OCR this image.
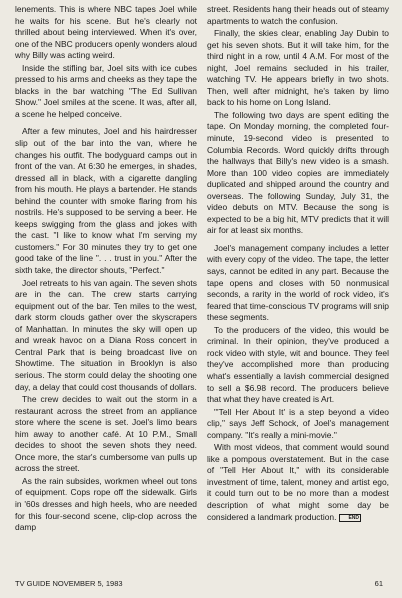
lenements. This is where NBC tapes Joel while he waits for his scene. But he's clearly not thrilled about being interviewed. When it's over, one of the NBC producers openly wonders aloud why Billy was acting weird.

Inside the stifling bar, Joel sits with ice cubes pressed to his arms and cheeks as they tape the blacks in the bar watching "The Ed Sullivan Show." Joel smiles at the scene. It was, after all, a scene he helped conceive.

After a few minutes, Joel and his hairdresser slip out of the bar into the van, where he changes his outfit. The bodyguard camps out in front of the van. At 6:30 he emerges, in shades, dressed all in black, with a cigarette dangling from his mouth. He plays a bartender. He stands behind the counter with smoke flaring from his nostrils. He's supposed to be serving a beer. He keeps swigging from the glass and jokes with the cast. "I like to know what I'm serving my customers." For 30 minutes they try to get one good take of the line ". . . trust in you." After the sixth take, the director shouts, "Perfect."

Joel retreats to his van again. The seven shots are in the can. The crew starts carrying equipment out of the bar. Ten miles to the west, dark storm clouds gather over the skyscrapers of Manhattan. In minutes the sky will open up and wreak havoc on a Diana Ross concert in Central Park that is being broadcast live on Showtime. The situation in Brooklyn is also serious. The storm could delay the shooting one day, a delay that could cost thousands of dollars.

The crew decides to wait out the storm in a restaurant across the street from an appliance store where the scene is set. Joel's limo bears him away to another café. At 10 P.M., Small decides to shoot the seven shots they need. Once more, the star's cumbersome van pulls up across the street.

As the rain subsides, workmen wheel out tons of equipment. Cops rope off the sidewalk. Girls in '60s dresses and high heels, who are needed for this four-second scene, clip-clop across the damp

street. Residents hang their heads out of steamy apartments to watch the confusion.

Finally, the skies clear, enabling Jay Dubin to get his seven shots. But it will take him, for the third night in a row, until 4 A.M. For most of the night, Joel remains secluded in his trailer, watching TV. He appears briefly in two shots. Then, well after midnight, he's taken by limo back to his home on Long Island.

The following two days are spent editing the tape. On Monday morning, the completed four-minute, 19-second video is presented to Columbia Records. Word quickly drifts through the hallways that Billy's new video is a smash. More than 100 video copies are immediately duplicated and shipped around the country and overseas. The following Sunday, July 31, the video debuts on MTV. Because the song is expected to be a big hit, MTV predicts that it will air for at least six months.

Joel's management company includes a letter with every copy of the video. The tape, the letter says, cannot be edited in any part. Because the tape opens and closes with 50 nonmusical seconds, a rarity in the world of rock video, it's feared that time-conscious TV programs will snip these segments.

To the producers of the video, this would be criminal. In their opinion, they've produced a rock video with style, wit and bounce. They feel they've accomplished more than producing what's essentially a lavish commercial designed to sell a $6.98 record. The producers believe that what they have created is Art.

"'Tell Her About It' is a step beyond a video clip," says Jeff Schock, of Joel's management company. "It's really a mini-movie."

With most videos, that comment would sound like a pompous overstatement. But in the case of "Tell Her About It," with its considerable investment of time, talent, money and artist ego, it could turn out to be no more than a modest description of what might some day be considered a landmark production. END

TV GUIDE NOVEMBER 5, 1983	61
